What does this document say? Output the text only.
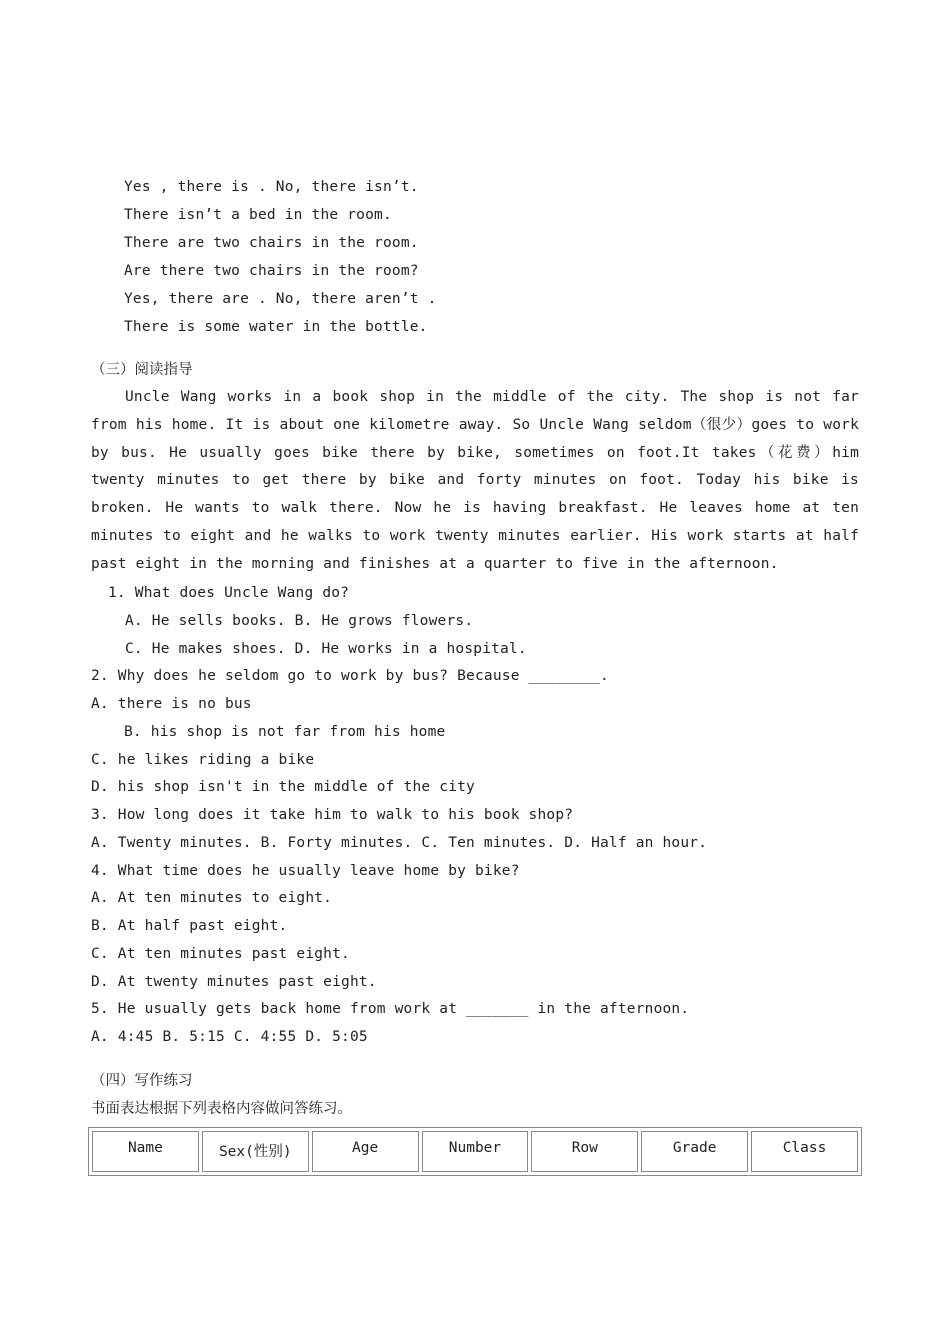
Yes , there is . No, there isn’t.
There isn’t a bed in the room.
There are two chairs in the room.
Are there two chairs in the room?
Yes, there are . No, there aren’t .
There is some water in the bottle.
（三）阅读指导
Uncle Wang works in a book shop in the middle of the city. The shop is not far from his home. It is about one kilometre away. So Uncle Wang seldom（很少）goes to work by bus. He usually goes bike there by bike, sometimes on foot.It takes（花费）him twenty minutes to get there by bike and forty minutes on foot. Today his bike is broken. He wants to walk there. Now he is having breakfast. He leaves home at ten minutes to eight and he walks to work twenty minutes earlier. His work starts at half past eight in the morning and finishes at a quarter to five in the afternoon.
1. What does Uncle Wang do?
A. He sells books. B. He grows flowers.
C. He makes shoes. D. He works in a hospital.
2. Why does he seldom go to work by bus? Because ________.
A. there is no bus
B. his shop is not far from his home
C. he likes riding a bike
D. his shop isn't in the middle of the city
3. How long does it take him to walk to his book shop?
A. Twenty minutes. B. Forty minutes. C. Ten minutes. D. Half an hour.
4. What time does he usually leave home by bike?
A. At ten minutes to eight.
B. At half past eight.
C. At ten minutes past eight.
D. At twenty minutes past eight.
5. He usually gets back home from work at _______ in the afternoon.
A. 4:45 B. 5:15 C. 4:55 D. 5:05
（四）写作练习
书面表达根据下列表格内容做问答练习。
Name	Sex(性别)	Age	Number	Row	Grade	Class
